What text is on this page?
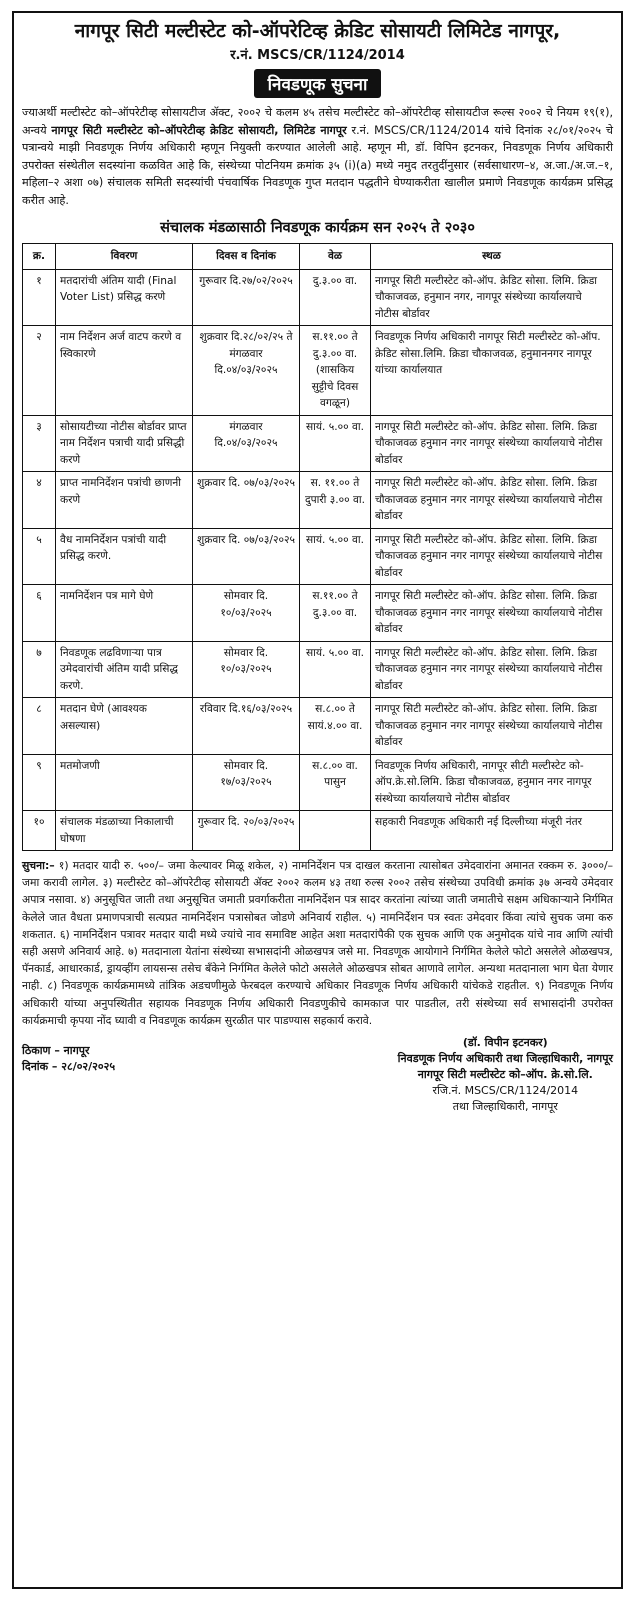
नागपूर सिटी मल्टीस्टेट को-ऑपरेटिव्ह क्रेडिट सोसायटी लिमिटेड नागपूर,
र.नं. MSCS/CR/1124/2014
निवडणूक सुचना
ज्याअर्थी मल्टीस्टेट को–ऑपरेटीव्ह सोसायटीज ॲक्ट, २००२ चे कलम ४५ तसेच मल्टीस्टेट को–ऑपरेटीव्ह सोसायटीज रूल्स २००२ चे नियम १९(१), अन्वये नागपूर सिटी मल्टीस्टेट को–ऑपरेटीव्ह क्रेडिट सोसायटी, लिमिटेड नागपूर र.नं. MSCS/CR/1124/2014 यांचे दिनांक २८/०१/२०२५ चे पत्रान्वये माझी निवडणूक निर्णय अधिकारी म्हणून नियुक्ती करण्यात आलेली आहे. म्हणून मी, डॉ. विपिन इटनकर, निवडणूक निर्णय अधिकारी उपरोक्त संस्थेतील सदस्यांना कळवित आहे कि, संस्थेच्या पोटनियम क्रमांक ३५ (i)(a) मध्ये नमुद तरतुदींनुसार (सर्वसाधारण–४, अ.जा./अ.ज.–१, महिला–२ अशा ०७) संचालक समिती सदस्यांची पंचवार्षिक निवडणूक गुप्त मतदान पद्धतीने घेण्याकरीता खालील प्रमाणे निवडणूक कार्यक्रम प्रसिद्ध करीत आहे.
संचालक मंडळासाठी निवडणूक कार्यक्रम सन २०२५ ते २०३०
क्र.	विवरण	दिवस व दिनांक	वेळ	स्थळ
१	मतदारांची अंतिम यादी (Final Voter List) प्रसिद्ध करणे	गुरूवार दि.२७/०२/२०२५	दु.३.०० वा.	नागपूर सिटी मल्टीस्टेट को-ऑप. क्रेडिट सोसा. लिमि. क्रिडा चौकाजवळ, हनुमान नगर, नागपूर संस्थेच्या कार्यालयाचे नोटीस बोर्डावर
२	नाम निर्देशन अर्ज वाटप करणे व स्विकारणे	शुक्रवार दि.२८/०२/२५ ते मंगळवार दि.०४/०३/२०२५	स.११.०० ते दु.३.०० वा. (शासकिय सुट्टीचे दिवस वगळून)	निवडणूक निर्णय अधिकारी नागपूर सिटी मल्टीस्टेट को-ऑप. क्रेडिट सोसा.लिमि. क्रिडा चौकाजवळ, हनुमाननगर नागपूर यांच्या कार्यालयात
३	सोसायटीच्या नोटीस बोर्डावर प्राप्त नाम निर्देशन पत्राची यादी प्रसिद्धी करणे	मंगळवार दि.०४/०३/२०२५	सायं. ५.०० वा.	नागपूर सिटी मल्टीस्टेट को-ऑप. क्रेडिट सोसा. लिमि. क्रिडा चौकाजवळ हनुमान नगर नागपूर संस्थेच्या कार्यालयाचे नोटीस बोर्डावर
४	प्राप्त नामनिर्देशन पत्रांची छाणनी करणे	शुक्रवार दि. ०७/०३/२०२५	स. ११.०० ते दुपारी ३.०० वा.	नागपूर सिटी मल्टीस्टेट को-ऑप. क्रेडिट सोसा. लिमि. क्रिडा चौकाजवळ हनुमान नगर नागपूर संस्थेच्या कार्यालयाचे नोटीस बोर्डावर
५	वैध नामनिर्देशन पत्रांची यादी प्रसिद्ध करणे.	शुक्रवार दि. ०७/०३/२०२५	सायं. ५.०० वा.	नागपूर सिटी मल्टीस्टेट को-ऑप. क्रेडिट सोसा. लिमि. क्रिडा चौकाजवळ हनुमान नगर नागपूर संस्थेच्या कार्यालयाचे नोटीस बोर्डावर
६	नामनिर्देशन पत्र मागे घेणे	सोमवार दि. १०/०३/२०२५	स.११.०० ते दु.३.०० वा.	नागपूर सिटी मल्टीस्टेट को-ऑप. क्रेडिट सोसा. लिमि. क्रिडा चौकाजवळ हनुमान नगर नागपूर संस्थेच्या कार्यालयाचे नोटीस बोर्डावर
७	निवडणूक लढविणाऱ्या पात्र उमेदवारांची अंतिम यादी प्रसिद्ध करणे.	सोमवार दि. १०/०३/२०२५	सायं. ५.०० वा.	नागपूर सिटी मल्टीस्टेट को-ऑप. क्रेडिट सोसा. लिमि. क्रिडा चौकाजवळ हनुमान नगर नागपूर संस्थेच्या कार्यालयाचे नोटीस बोर्डावर
८	मतदान घेणे (आवश्यक असल्यास)	रविवार दि.१६/०३/२०२५	स.८.०० ते सायं.४.०० वा.	नागपूर सिटी मल्टीस्टेट को-ऑप. क्रेडिट सोसा. लिमि. क्रिडा चौकाजवळ हनुमान नगर नागपूर संस्थेच्या कार्यालयाचे नोटीस बोर्डावर
९	मतमोजणी	सोमवार दि. १७/०३/२०२५	स.८.०० वा. पासुन	निवडणूक निर्णय अधिकारी, नागपूर सीटी मल्टीस्टेट को-ऑप.क्रे.सो.लिमि. क्रिडा चौकाजवळ, हनुमान नगर नागपूर संस्थेच्या कार्यालयाचे नोटीस बोर्डावर
१०	संचालक मंडळाच्या निकालाची घोषणा	गुरूवार दि. २०/०३/२०२५		सहकारी निवडणूक अधिकारी नई दिल्लीच्या मंजूरी नंतर
सुचना:– १) मतदार यादी रु. ५००/– जमा केल्यावर मिळू शकेल, २) नामनिर्देशन पत्र दाखल करताना त्यासोबत उमेदवारांना अमानत रक्कम रु. ३०००/– जमा करावी लागेल. ३) मल्टीस्टेट को–ऑपरेटीव्ह सोसायटी ॲक्ट २००२ कलम ४३ तथा रुल्स २००२ तसेच संस्थेच्या उपविधी क्रमांक ३७ अन्वये उमेदवार अपात्र नसावा. ४) अनुसूचित जाती तथा अनुसूचित जमाती प्रवर्गाकरीता नामनिर्देशन पत्र सादर करतांना त्यांच्या जाती जमातीचे सक्षम अधिकाऱ्याने निर्गमित केलेले जात वैधता प्रमाणपत्राची सत्यप्रत नामनिर्देशन पत्रासोबत जोडणे अनिवार्य राहील. ५) नामनिर्देशन पत्र स्वतः उमेदवार किंवा त्यांचे सुचक जमा करु शकतात. ६) नामनिर्देशन पत्रावर मतदार यादी मध्ये ज्यांचे नाव समाविष्ट आहेत अशा मतदारांपैकी एक सुचक आणि एक अनुमोदक यांचे नाव आणि त्यांची सही असणे अनिवार्य आहे. ७) मतदानाला येतांना संस्थेच्या सभासदांनी ओळखपत्र जसे मा. निवडणूक आयोगाने निर्गमित केलेले फोटो असलेले ओळखपत्र, पॅनकार्ड, आधारकार्ड, ड्रायव्हींग लायसन्स तसेच बँकेने निर्गमित केलेले फोटो असलेले ओळखपत्र सोबत आणावे लागेल. अन्यथा मतदानाला भाग घेता येणार नाही. ८) निवडणूक कार्यक्रमामध्ये तांत्रिक अडचणीमुळे फेरबदल करण्याचे अधिकार निवडणूक निर्णय अधिकारी यांचेकडे राहतील. ९) निवडणूक निर्णय अधिकारी यांच्या अनुपस्थितीत सहायक निवडणूक निर्णय अधिकारी निवडणुकीचे कामकाज पार पाडतील, तरी संस्थेच्या सर्व सभासदांनी उपरोक्त कार्यक्रमाची कृपया नोंद घ्यावी व निवडणूक कार्यक्रम सुरळीत पार पाडण्यास सहकार्य करावे.
ठिकाण – नागपूर
दिनांक – २८/०२/२०२५
(डॉ. विपीन इटनकर)
निवडणूक निर्णय अधिकारी तथा जिल्हाधिकारी, नागपूर
नागपूर सिटी मल्टीस्टेट को–ऑप. क्रे.सो.लि.
रजि.नं. MSCS/CR/1124/2014
तथा जिल्हाधिकारी, नागपूर
